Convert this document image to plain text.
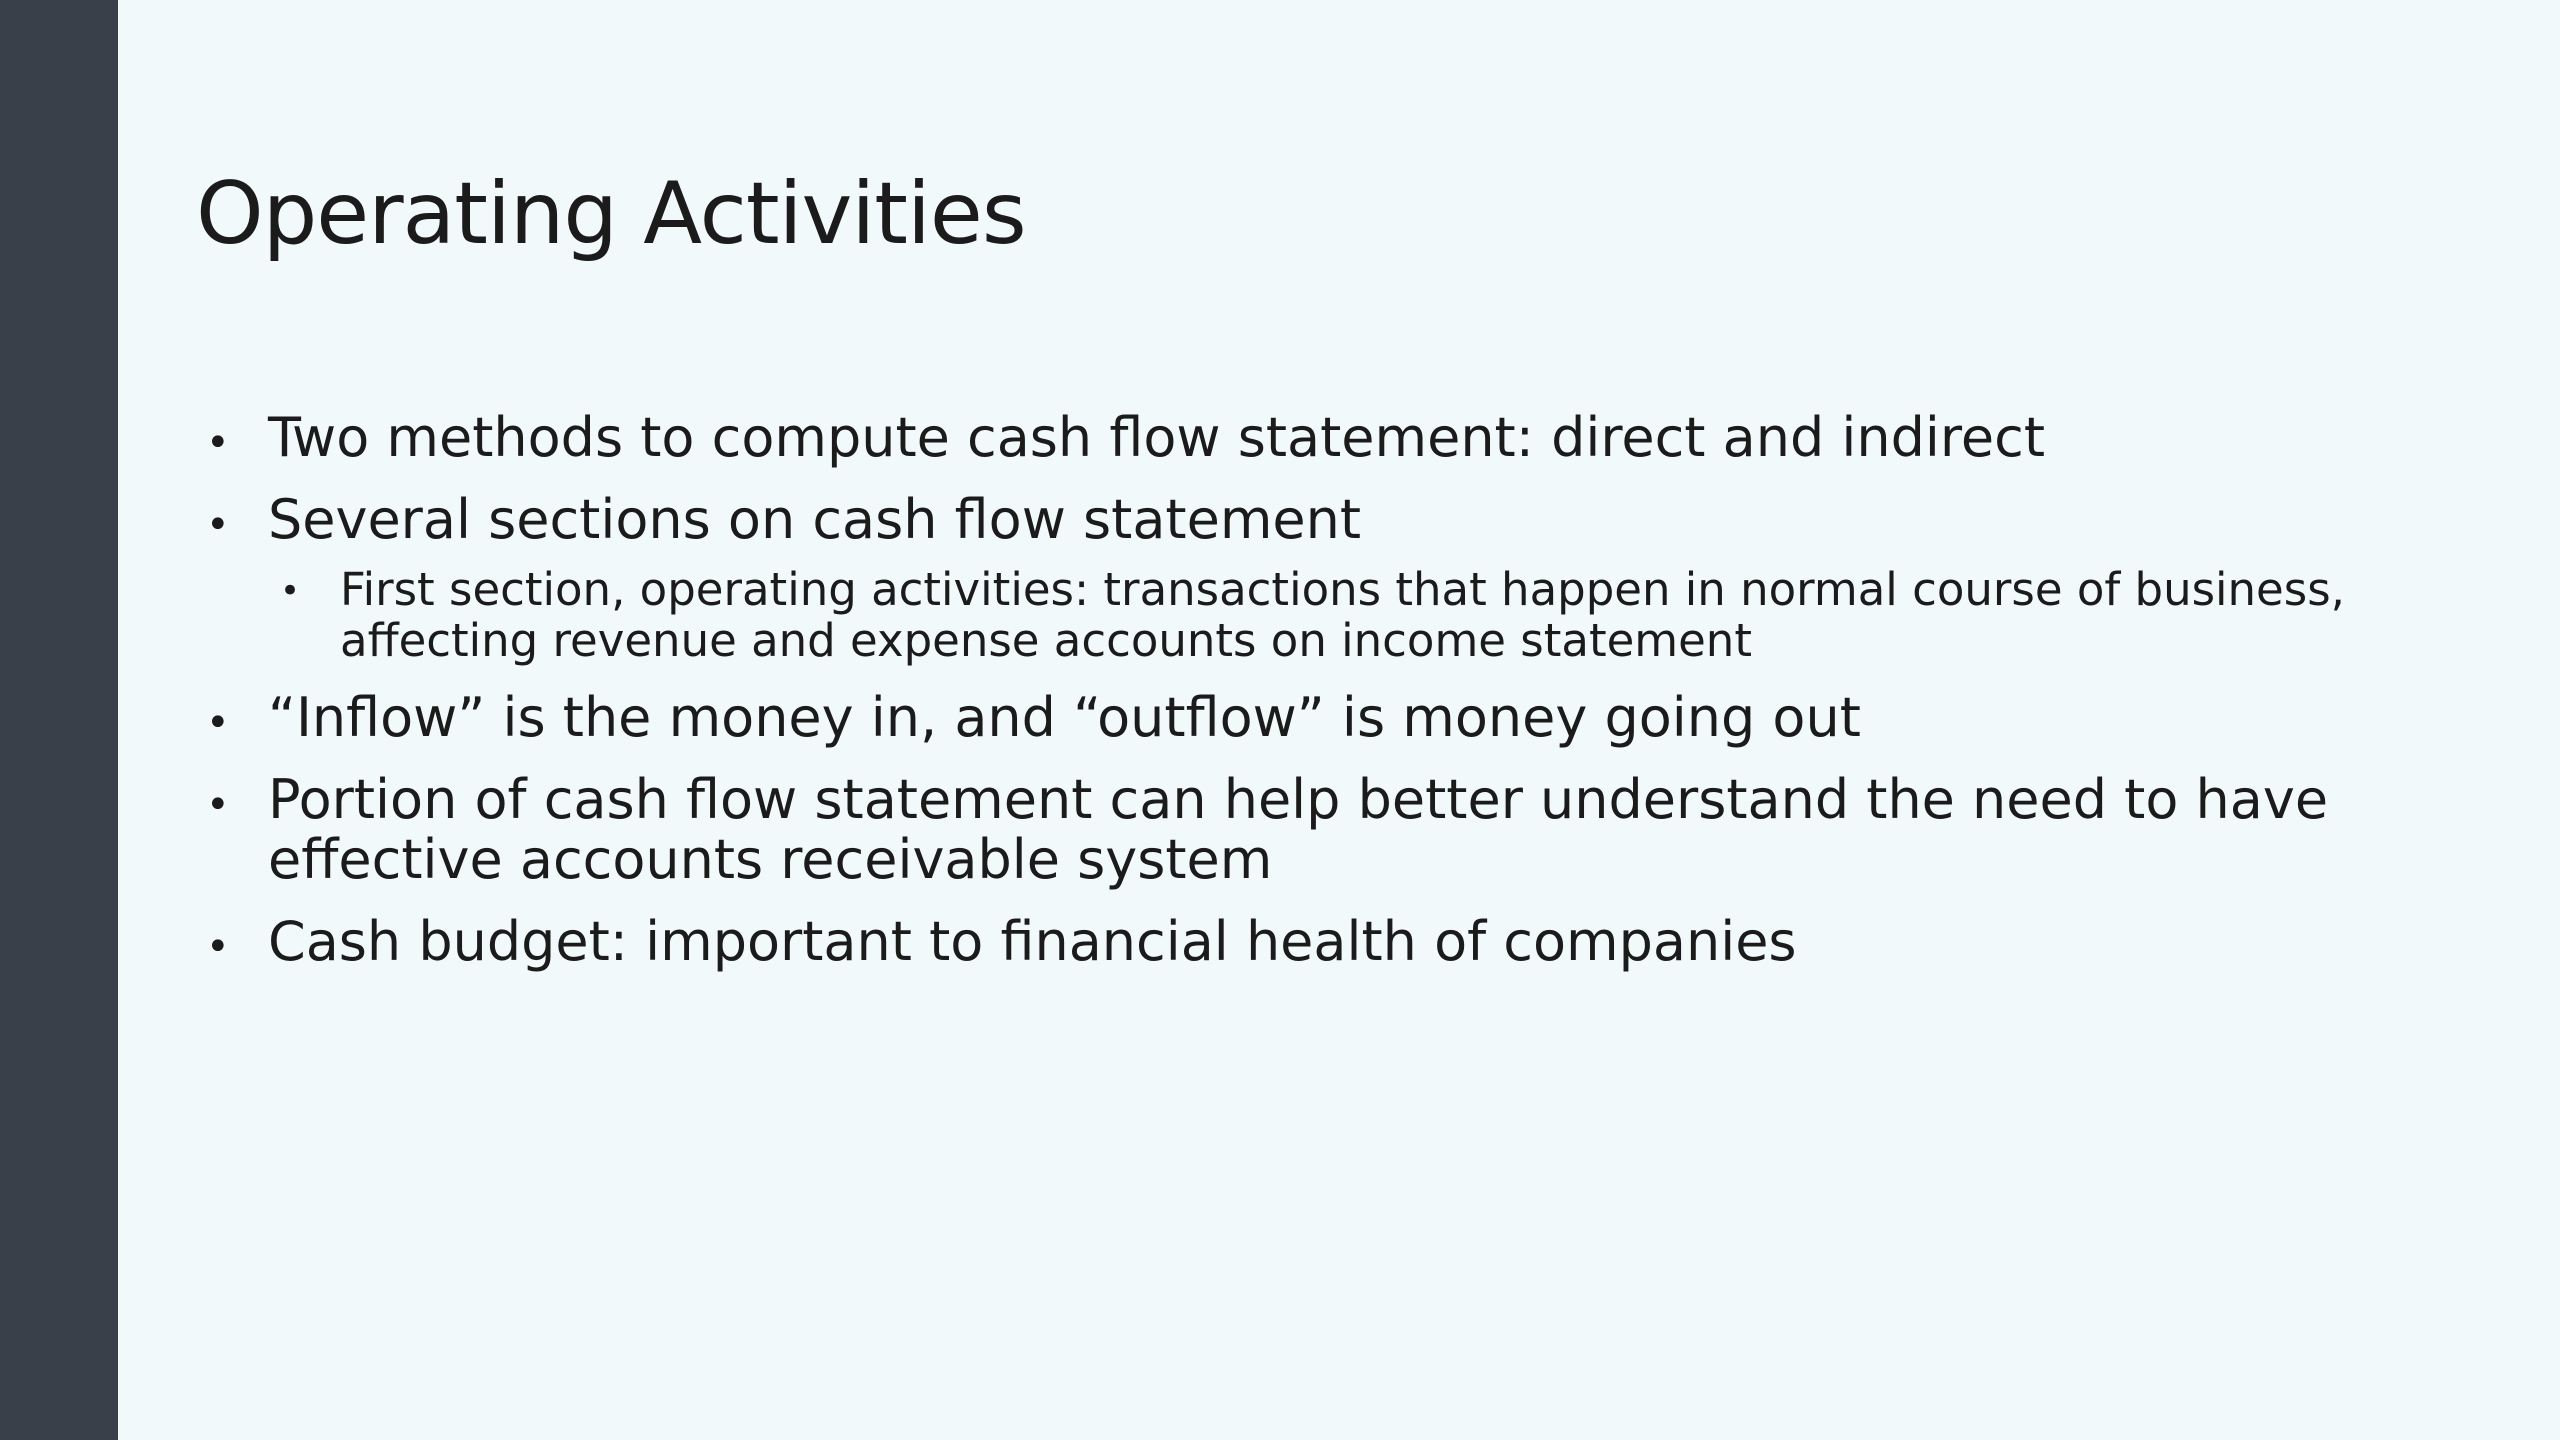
Operating Activities
• Two methods to compute cash flow statement: direct and indirect
• Several sections on cash flow statement
• First section, operating activities: transactions that happen in normal course of business, affecting revenue and expense accounts on income statement
• “Inflow” is the money in, and “outflow” is money going out
• Portion of cash flow statement can help better understand the need to have effective accounts receivable system
• Cash budget: important to financial health of companies
